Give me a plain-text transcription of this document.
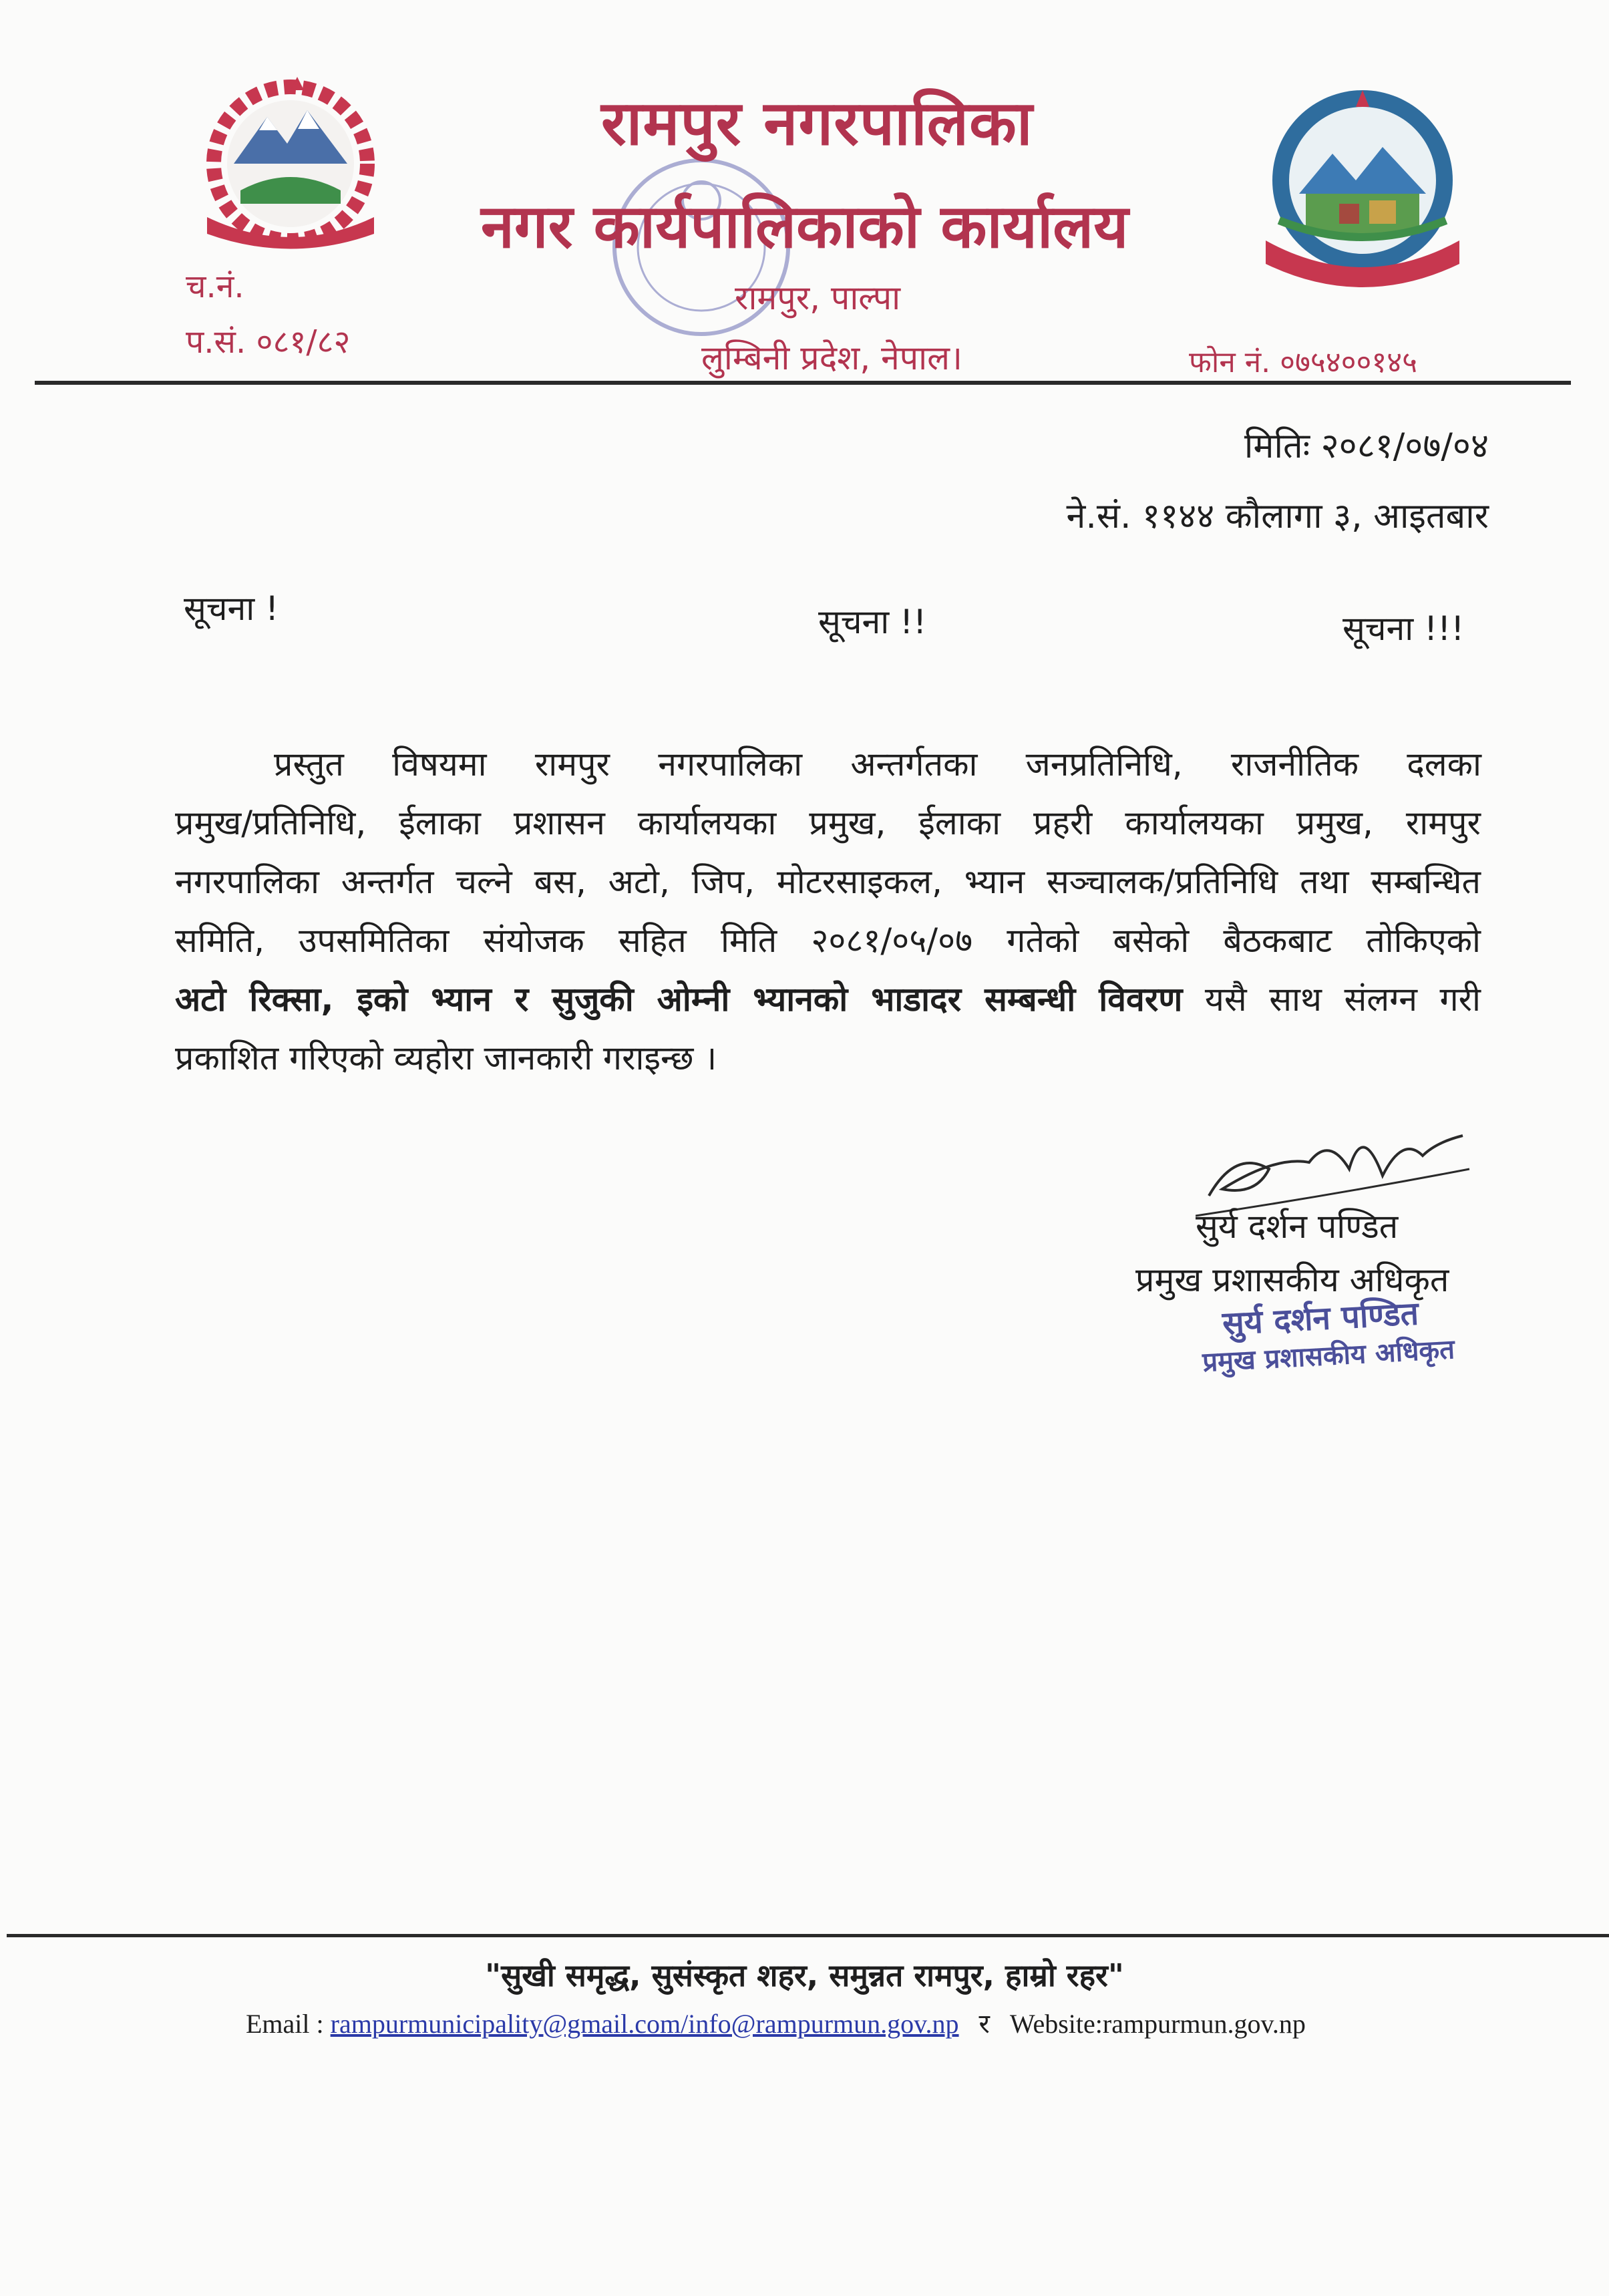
रामपुर नगरपालिका
नगर कार्यपालिकाको कार्यालय
रामपुर, पाल्पा
लुम्बिनी प्रदेश, नेपाल।
च.नं.
प.सं. ०८१/८२
फोन नं. ०७५४००१४५
मितिः २०८१/०७/०४
ने.सं. ११४४ कौलागा ३, आइतबार
सूचना !	सूचना !!	सूचना !!!
प्रस्तुत विषयमा रामपुर नगरपालिका अन्तर्गतका जनप्रतिनिधि, राजनीतिक दलका
प्रमुख/प्रतिनिधि, ईलाका प्रशासन कार्यालयका प्रमुख, ईलाका प्रहरी कार्यालयका प्रमुख, रामपुर
नगरपालिका अन्तर्गत चल्ने बस, अटो, जिप, मोटरसाइकल, भ्यान सञ्चालक/प्रतिनिधि तथा सम्बन्धित
समिति, उपसमितिका संयोजक सहित मिति २०८१/०५/०७ गतेको बसेको बैठकबाट तोकिएको
अटो रिक्सा, इको भ्यान र सुजुकी ओम्नी भ्यानको भाडादर सम्बन्धी विवरण यसै साथ संलग्न गरी
प्रकाशित गरिएको व्यहोरा जानकारी गराइन्छ ।
सुर्य दर्शन पण्डित
प्रमुख प्रशासकीय अधिकृत
सुर्य दर्शन पण्डित
प्रमुख प्रशासकीय अधिकृत
"सुखी समृद्ध, सुसंस्कृत शहर, समुन्नत रामपुर, हाम्रो रहर"
Email : rampurmunicipality@gmail.com/info@rampurmun.gov.np र Website:rampurmun.gov.np
